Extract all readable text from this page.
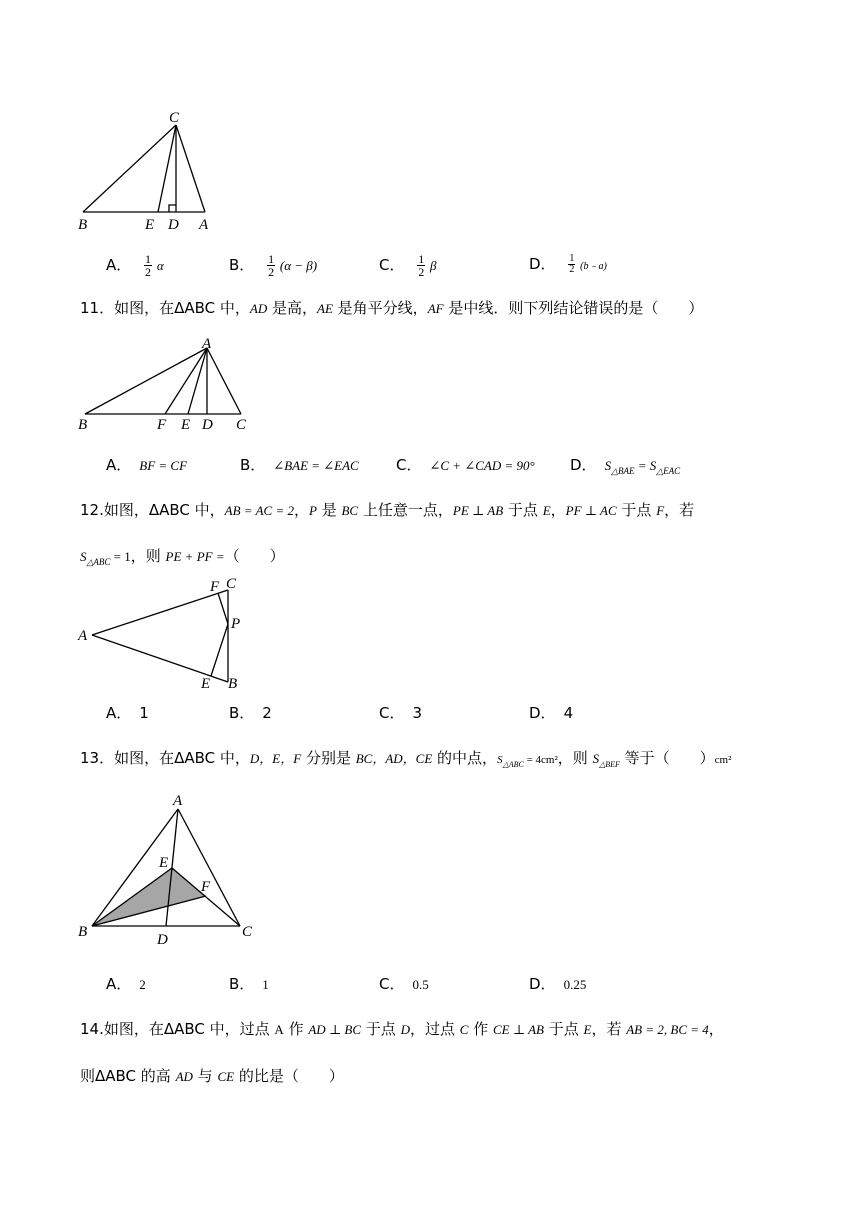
C
B	E D A
A． $\frac{1}{2}$ α	B． $\frac{1}{2} (\alpha - \beta)$	C． $\frac{1}{2}$ β	D． $\frac{1}{2}$ (b﹣a)
11．如图，在ΔABC 中，AD 是高，AE 是角平分线，AF 是中线．则下列结论错误的是（　　）
A
B	F E D C
A． BF = CF	B． ∠BAE = ∠EAC C． ∠C + ∠CAD = 90° D． $S_{\triangle BAE} = S_{\triangle EAC}$
12.如图，ΔABC 中，AB = AC = 2，P 是 BC 上任意一点，PE ⊥ AB 于点 E，PF ⊥ AC 于点 F，若
$S_{\triangle ABC} = 1$，则 PE + PF =（　　）
A
F C
P
E B
A． 1	B． 2	C． 3	D． 4
13．如图，在ΔABC 中，D，E，F 分别是 BC，AD，CE 的中点，$S_{\triangle ABC} = 4cm^2$，则 $S_{\triangle BEF}$ 等于（　　）cm²
A
E
F
B	D	C
A． 2	B． 1	C． 0.5	D． 0.25
14.如图，在ΔABC 中，过点 A 作 AD ⊥ BC 于点 D，过点 C 作 CE ⊥ AB 于点 E，若 AB = 2, BC = 4，
则ΔABC 的高 AD 与 CE 的比是（　　）
